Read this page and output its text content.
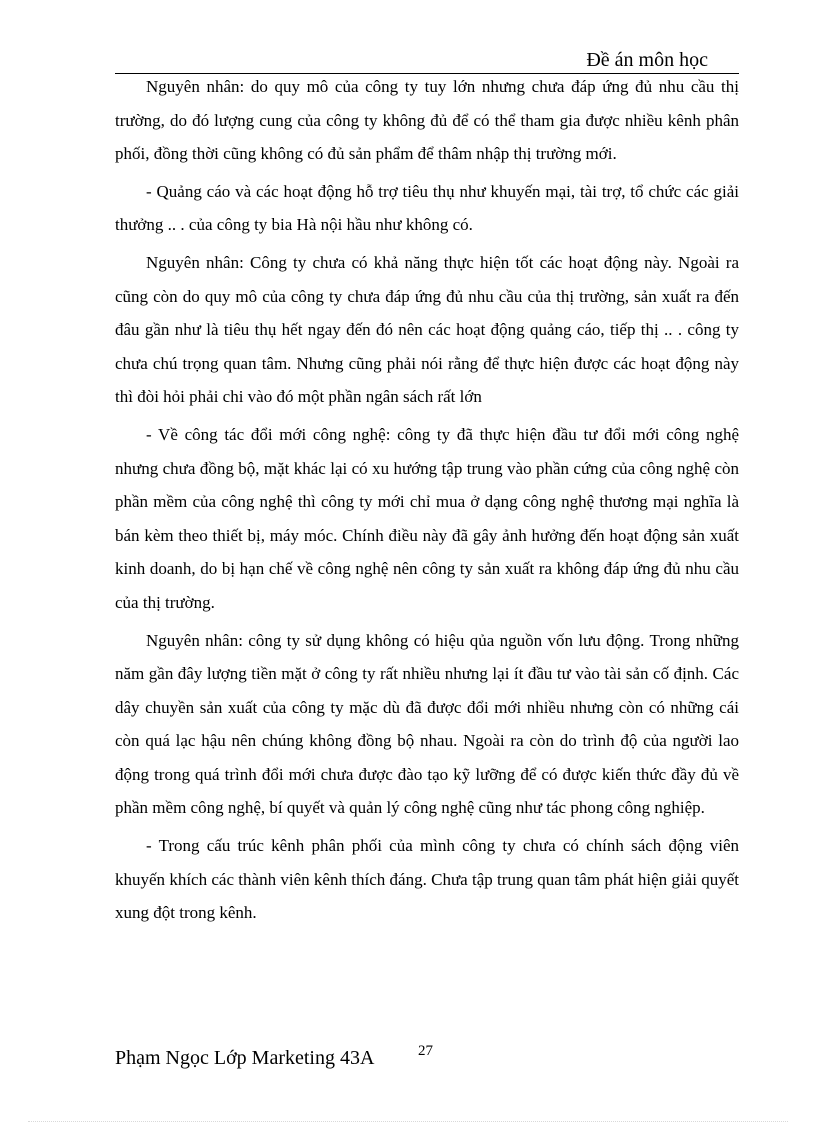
Đề án môn học

Nguyên nhân: do quy mô của công ty tuy lớn nhưng chưa đáp ứng đủ nhu cầu thị trường, do đó lượng cung của công ty không đủ để có thể tham gia được nhiều kênh phân phối, đồng thời cũng không có đủ sản phẩm để thâm nhập thị trường mới.

- Quảng cáo và các hoạt động hỗ trợ tiêu thụ như khuyến mại, tài trợ, tổ chức các giải thưởng .. . của công ty bia Hà nội hầu như không có.

Nguyên nhân: Công ty chưa có khả năng thực hiện tốt các hoạt động này. Ngoài ra cũng còn do quy mô của công ty chưa đáp ứng đủ nhu cầu của thị trường, sản xuất ra đến đâu gần như là tiêu thụ hết ngay đến đó nên các hoạt động quảng cáo, tiếp thị .. . công ty chưa chú trọng quan tâm. Nhưng cũng phải nói rằng để thực hiện được các hoạt động này thì đòi hỏi phải chi vào đó một phần ngân sách rất lớn

- Về công tác đổi mới công nghệ: công ty đã thực hiện đầu tư đổi mới công nghệ nhưng chưa đồng bộ, mặt khác lại có xu hướng tập trung vào phần cứng của công nghệ còn phần mềm của công nghệ thì công ty mới chỉ mua ở dạng công nghệ thương mại nghĩa là bán kèm theo thiết bị, máy móc. Chính điều này đã gây ảnh hưởng đến hoạt động sản xuất kinh doanh, do bị hạn chế về công nghệ nên công ty sản xuất ra không đáp ứng đủ nhu cầu của thị trường.

Nguyên nhân: công ty sử dụng không có hiệu qủa nguồn vốn lưu động. Trong những năm gần đây lượng tiền mặt ở công ty rất nhiều nhưng lại ít đầu tư vào tài sản cố định. Các dây chuyền sản xuất của công ty mặc dù đã được đổi mới nhiều nhưng còn có những cái còn quá lạc hậu nên chúng không đồng bộ nhau. Ngoài ra còn do trình độ của người lao động trong quá trình đổi mới chưa được đào tạo kỹ lưỡng để có được kiến thức đầy đủ về phần mềm công nghệ, bí quyết và quản lý công nghệ cũng như tác phong công nghiệp.

- Trong cấu trúc kênh phân phối của mình công ty chưa có chính sách động viên khuyến khích các thành viên kênh thích đáng. Chưa tập trung quan tâm phát hiện giải quyết xung đột trong kênh.

Phạm Ngọc Lớp Marketing 43A	27
